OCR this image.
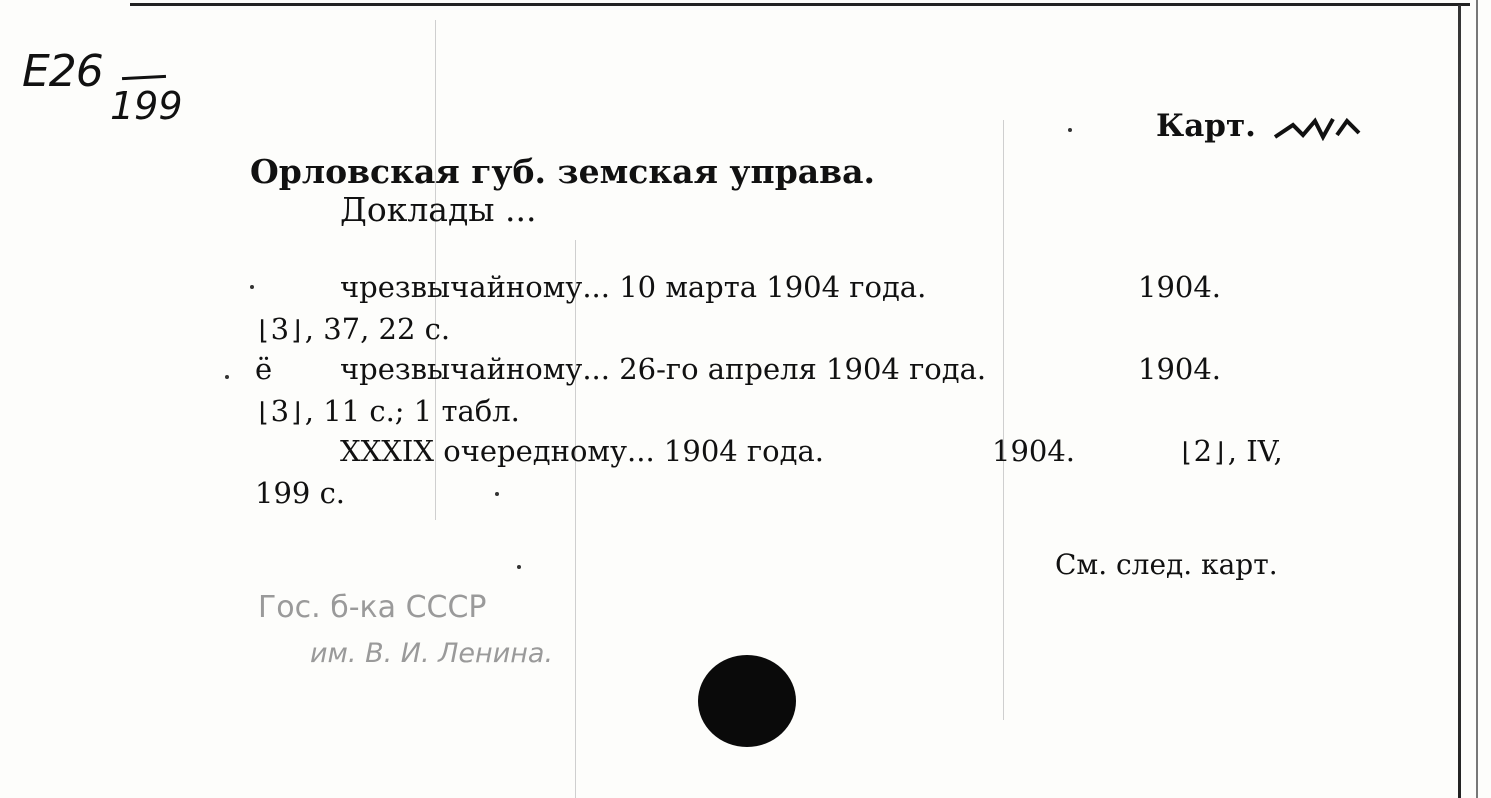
E26
199	Карт.
Орловская губ. земская управа.
Доклады ...
чрезвычайному... 10 марта 1904 года.	1904.
⌊3⌋, 37, 22 с.
ё чрезвычайному... 26-го апреля 1904 года.	1904.
⌊3⌋, 11 с.; 1 табл.
XXXIX очередному... 1904 года.	1904.	⌊2⌋, IV,
199 с.
См. след. карт.
Гос. б-ка СССР
им. В. И. Ленина.
